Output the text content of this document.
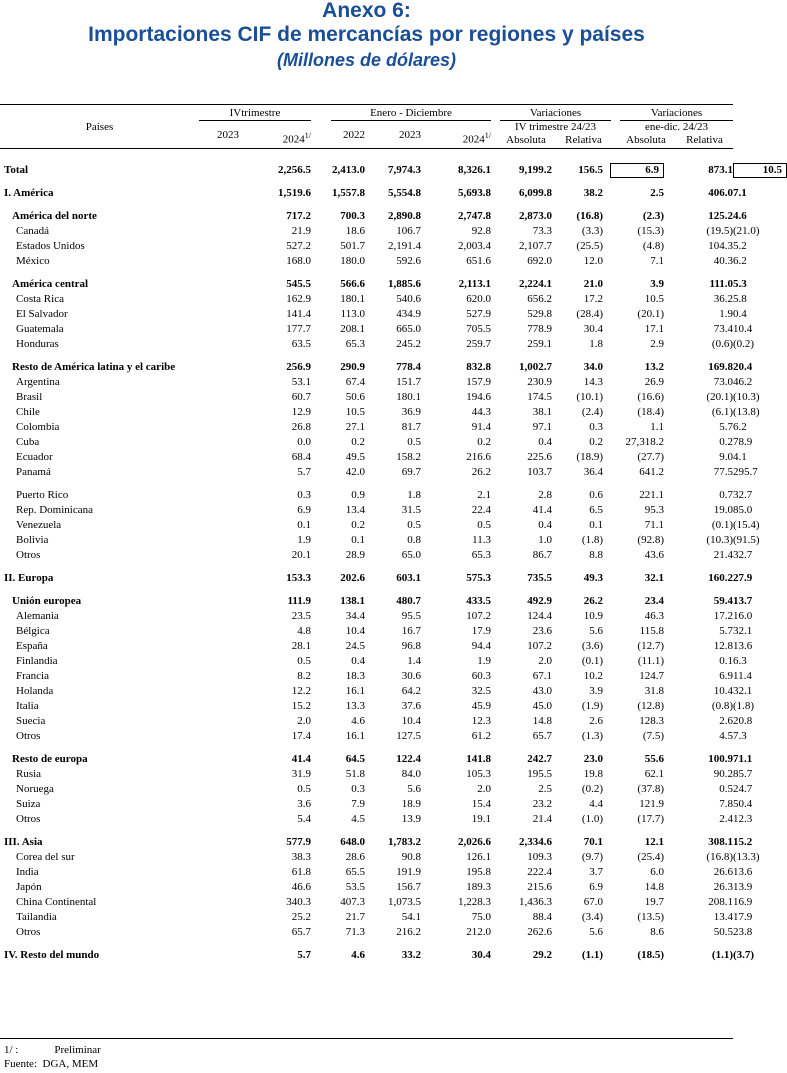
Anexo 6:
Importaciones CIF de mercancías por regiones y países
(Millones de dólares)
Países
IVtrimestre	Enero - Diciembre	Variaciones
IV trimestre 24/23
Variaciones
ene-dic. 24/23
2023	$2024^{1/}$	2022	2023	$2024^{1/}$	Absoluta	Relativa	Absoluta	Relativa
Total		2,256.5	2,413.0	7,974.3	8,326.1	9,199.2	156.5	6.9	873.1	10.5

I. América		1,519.6	1,557.8	5,554.8	5,693.8	6,099.8	38.2	2.5	406.0	7.1

América del norte		717.2	700.3	2,890.8	2,747.8	2,873.0	(16.8)	(2.3)	125.2	4.6
Canadá		21.9	18.6	106.7	92.8	73.3	(3.3)	(15.3)	(19.5)	(21.0)
Estados Unidos		527.2	501.7	2,191.4	2,003.4	2,107.7	(25.5)	(4.8)	104.3	5.2
México		168.0	180.0	592.6	651.6	692.0	12.0	7.1	40.3	6.2

América central		545.5	566.6	1,885.6	2,113.1	2,224.1	21.0	3.9	111.0	5.3
Costa Rica		162.9	180.1	540.6	620.0	656.2	17.2	10.5	36.2	5.8
El Salvador		141.4	113.0	434.9	527.9	529.8	(28.4)	(20.1)	1.9	0.4
Guatemala		177.7	208.1	665.0	705.5	778.9	30.4	17.1	73.4	10.4
Honduras		63.5	65.3	245.2	259.7	259.1	1.8	2.9	(0.6)	(0.2)

Resto de América latina y el caribe		256.9	290.9	778.4	832.8	1,002.7	34.0	13.2	169.8	20.4
Argentina		53.1	67.4	151.7	157.9	230.9	14.3	26.9	73.0	46.2
Brasil		60.7	50.6	180.1	194.6	174.5	(10.1)	(16.6)	(20.1)	(10.3)
Chile		12.9	10.5	36.9	44.3	38.1	(2.4)	(18.4)	(6.1)	(13.8)
Colombia		26.8	27.1	81.7	91.4	97.1	0.3	1.1	5.7	6.2
Cuba		0.0	0.2	0.5	0.2	0.4	0.2	27,318.2	0.2	78.9
Ecuador		68.4	49.5	158.2	216.6	225.6	(18.9)	(27.7)	9.0	4.1
Panamá		5.7	42.0	69.7	26.2	103.7	36.4	641.2	77.5	295.7

Puerto Rico		0.3	0.9	1.8	2.1	2.8	0.6	221.1	0.7	32.7
Rep. Dominicana		6.9	13.4	31.5	22.4	41.4	6.5	95.3	19.0	85.0
Venezuela		0.1	0.2	0.5	0.5	0.4	0.1	71.1	(0.1)	(15.4)
Bolivia		1.9	0.1	0.8	11.3	1.0	(1.8)	(92.8)	(10.3)	(91.5)
Otros		20.1	28.9	65.0	65.3	86.7	8.8	43.6	21.4	32.7

II. Europa		153.3	202.6	603.1	575.3	735.5	49.3	32.1	160.2	27.9

Unión europea		111.9	138.1	480.7	433.5	492.9	26.2	23.4	59.4	13.7
Alemania		23.5	34.4	95.5	107.2	124.4	10.9	46.3	17.2	16.0
Bélgica		4.8	10.4	16.7	17.9	23.6	5.6	115.8	5.7	32.1
España		28.1	24.5	96.8	94.4	107.2	(3.6)	(12.7)	12.8	13.6
Finlandia		0.5	0.4	1.4	1.9	2.0	(0.1)	(11.1)	0.1	6.3
Francia		8.2	18.3	30.6	60.3	67.1	10.2	124.7	6.9	11.4
Holanda		12.2	16.1	64.2	32.5	43.0	3.9	31.8	10.4	32.1
Italia		15.2	13.3	37.6	45.9	45.0	(1.9)	(12.8)	(0.8)	(1.8)
Suecia		2.0	4.6	10.4	12.3	14.8	2.6	128.3	2.6	20.8
Otros		17.4	16.1	127.5	61.2	65.7	(1.3)	(7.5)	4.5	7.3

Resto de europa		41.4	64.5	122.4	141.8	242.7	23.0	55.6	100.9	71.1
Rusia		31.9	51.8	84.0	105.3	195.5	19.8	62.1	90.2	85.7
Noruega		0.5	0.3	5.6	2.0	2.5	(0.2)	(37.8)	0.5	24.7
Suiza		3.6	7.9	18.9	15.4	23.2	4.4	121.9	7.8	50.4
Otros		5.4	4.5	13.9	19.1	21.4	(1.0)	(17.7)	2.4	12.3

III. Asia		577.9	648.0	1,783.2	2,026.6	2,334.6	70.1	12.1	308.1	15.2
Corea del sur		38.3	28.6	90.8	126.1	109.3	(9.7)	(25.4)	(16.8)	(13.3)
India		61.8	65.5	191.9	195.8	222.4	3.7	6.0	26.6	13.6
Japón		46.6	53.5	156.7	189.3	215.6	6.9	14.8	26.3	13.9
China Continental		340.3	407.3	1,073.5	1,228.3	1,436.3	67.0	19.7	208.1	16.9
Tailandia		25.2	21.7	54.1	75.0	88.4	(3.4)	(13.5)	13.4	17.9
Otros		65.7	71.3	216.2	212.0	262.6	5.6	8.6	50.5	23.8

IV. Resto del mundo		5.7	4.6	33.2	30.4	29.2	(1.1)	(18.5)	(1.1)	(3.7)
1/ :	Preliminar
Fuente: DGA, MEM
